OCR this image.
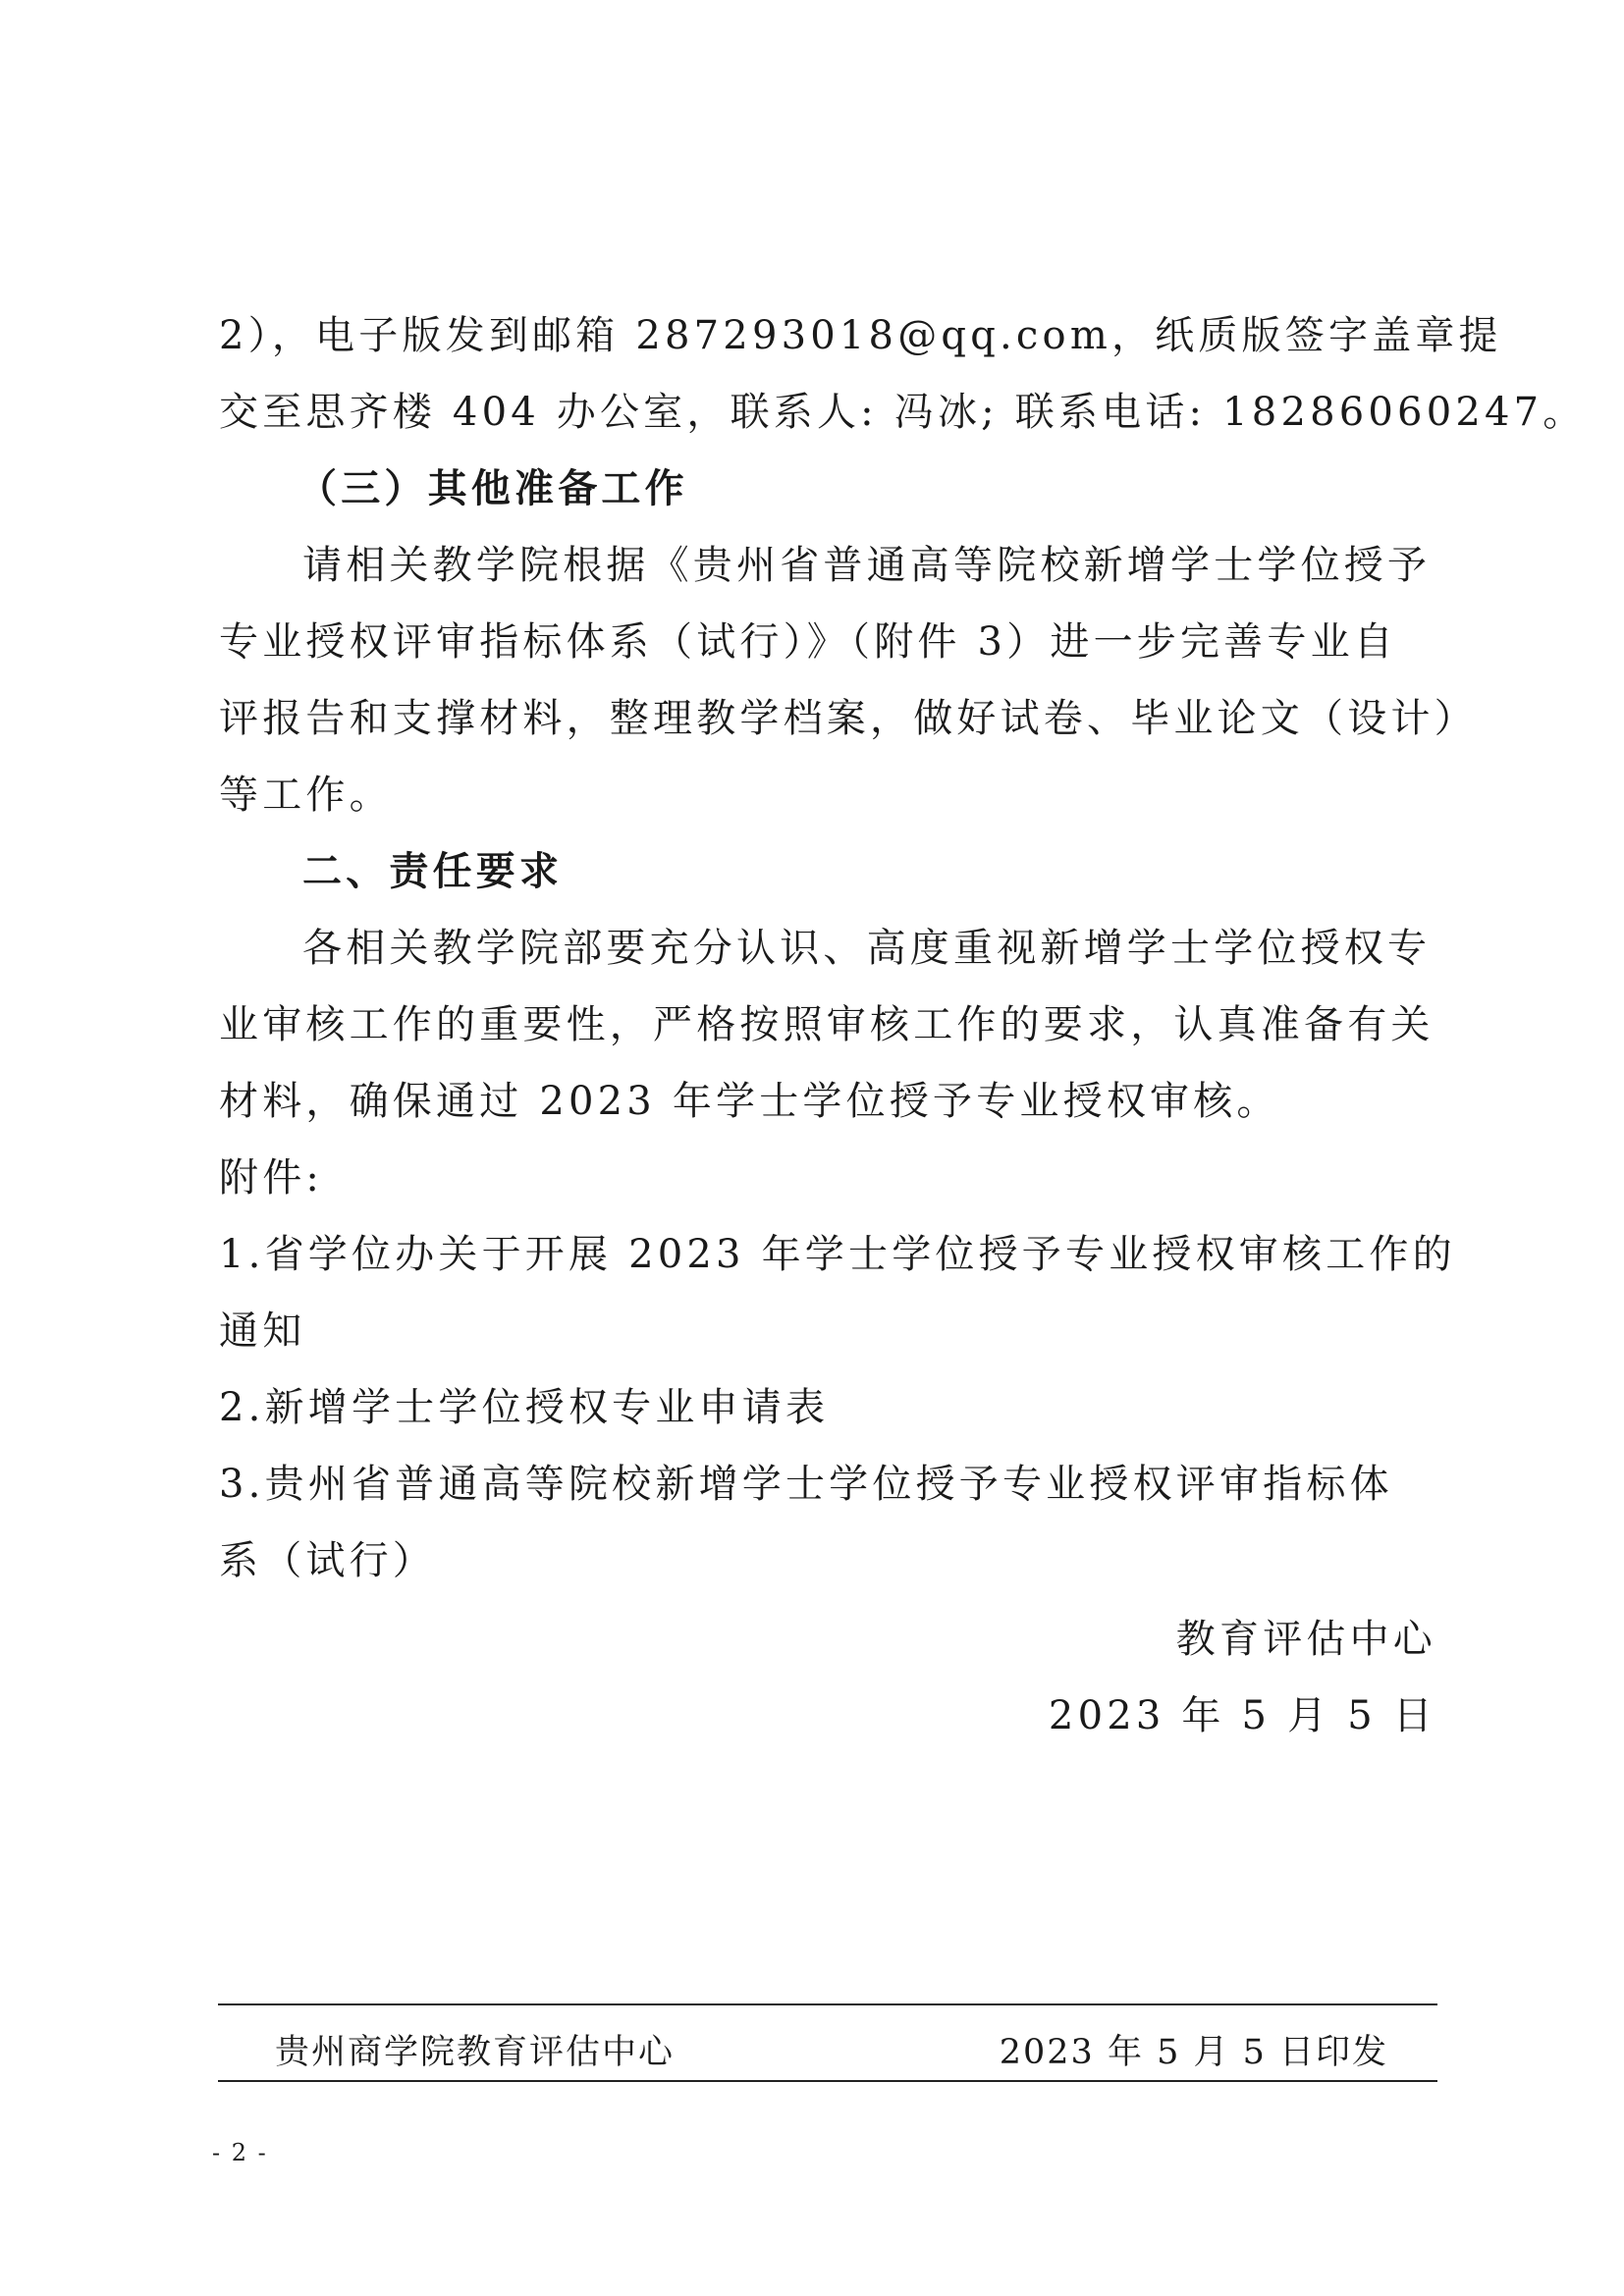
2），电子版发到邮箱 287293018@qq.com，纸质版签字盖章提
交至思齐楼 404 办公室，联系人: 冯冰; 联系电话: 18286060247。
（三）其他准备工作
请相关教学院根据《贵州省普通高等院校新增学士学位授予
专业授权评审指标体系（试行）》（附件 3）进一步完善专业自
评报告和支撑材料，整理教学档案，做好试卷、毕业论文（设计）
等工作。
二、责任要求
各相关教学院部要充分认识、高度重视新增学士学位授权专
业审核工作的重要性，严格按照审核工作的要求，认真准备有关
材料，确保通过 2023 年学士学位授予专业授权审核。
附件:
1.省学位办关于开展 2023 年学士学位授予专业授权审核工作的
通知
2.新增学士学位授权专业申请表
3.贵州省普通高等院校新增学士学位授予专业授权评审指标体
系（试行）
教育评估中心
2023 年 5 月 5 日
贵州商学院教育评估中心	2023 年 5 月 5 日印发
- 2 -
